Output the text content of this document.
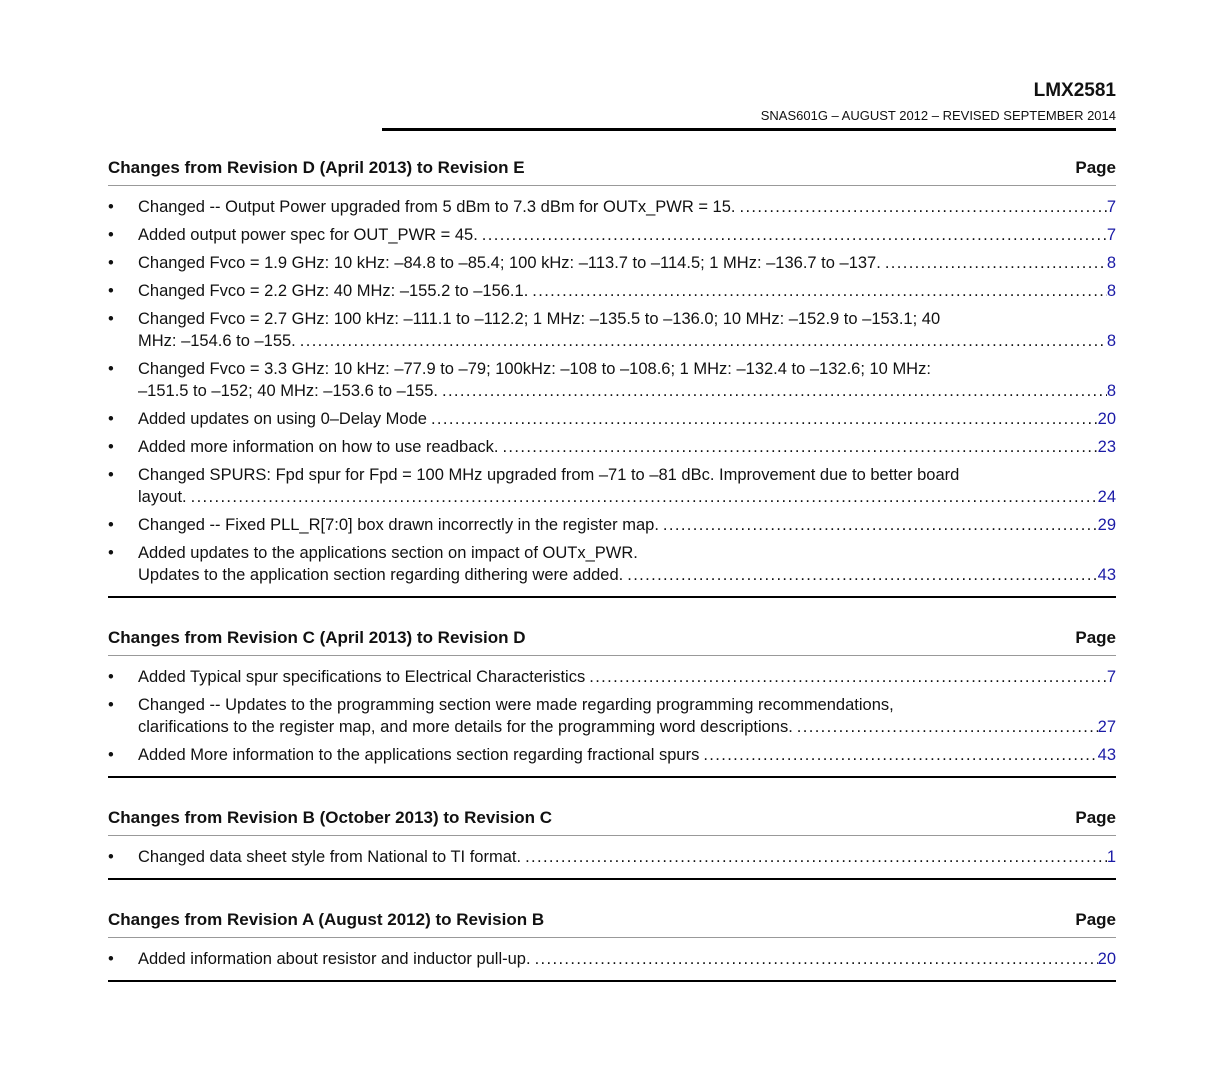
LMX2581
SNAS601G – AUGUST 2012 – REVISED SEPTEMBER 2014
Changes from Revision D (April 2013) to Revision E	Page
•	Changed -- Output Power upgraded from 5 dBm to 7.3 dBm for OUTx_PWR = 15. . . .	7
•	Added output power spec for OUT_PWR = 45. . . .	7
•	Changed Fvco = 1.9 GHz: 10 kHz: –84.8 to –85.4; 100 kHz: –113.7 to –114.5; 1 MHz: –136.7 to –137. . . .	8
•	Changed Fvco = 2.2 GHz: 40 MHz: –155.2 to –156.1. . . .	8
•	Changed Fvco = 2.7 GHz: 100 kHz: –111.1 to –112.2; 1 MHz: –135.5 to –136.0; 10 MHz: –152.9 to –153.1; 40
MHz: –154.6 to –155. . . .	8
•	Changed Fvco = 3.3 GHz: 10 kHz: –77.9 to –79; 100kHz: –108 to –108.6; 1 MHz: –132.4 to –132.6; 10 MHz:
–151.5 to –152; 40 MHz: –153.6 to –155. . . .	8
•	Added updates on using 0–Delay Mode . . .	20
•	Added more information on how to use readback. . . .	23
•	Changed SPURS: Fpd spur for Fpd = 100 MHz upgraded from –71 to –81 dBc. Improvement due to better board
layout. . . .	24
•	Changed -- Fixed PLL_R[7:0] box drawn incorrectly in the register map. . . .	29
•	Added updates to the applications section on impact of OUTx_PWR.
Updates to the application section regarding dithering were added. . . .	43
Changes from Revision C (April 2013) to Revision D	Page
•	Added Typical spur specifications to Electrical Characteristics . . .	7
•	Changed -- Updates to the programming section were made regarding programming recommendations,
clarifications to the register map, and more details for the programming word descriptions. . . .	27
•	Added More information to the applications section regarding fractional spurs . . .	43
Changes from Revision B (October 2013) to Revision C	Page
•	Changed data sheet style from National to TI format. . . .	1
Changes from Revision A (August 2012) to Revision B	Page
•	Added information about resistor and inductor pull-up. . . .	20
